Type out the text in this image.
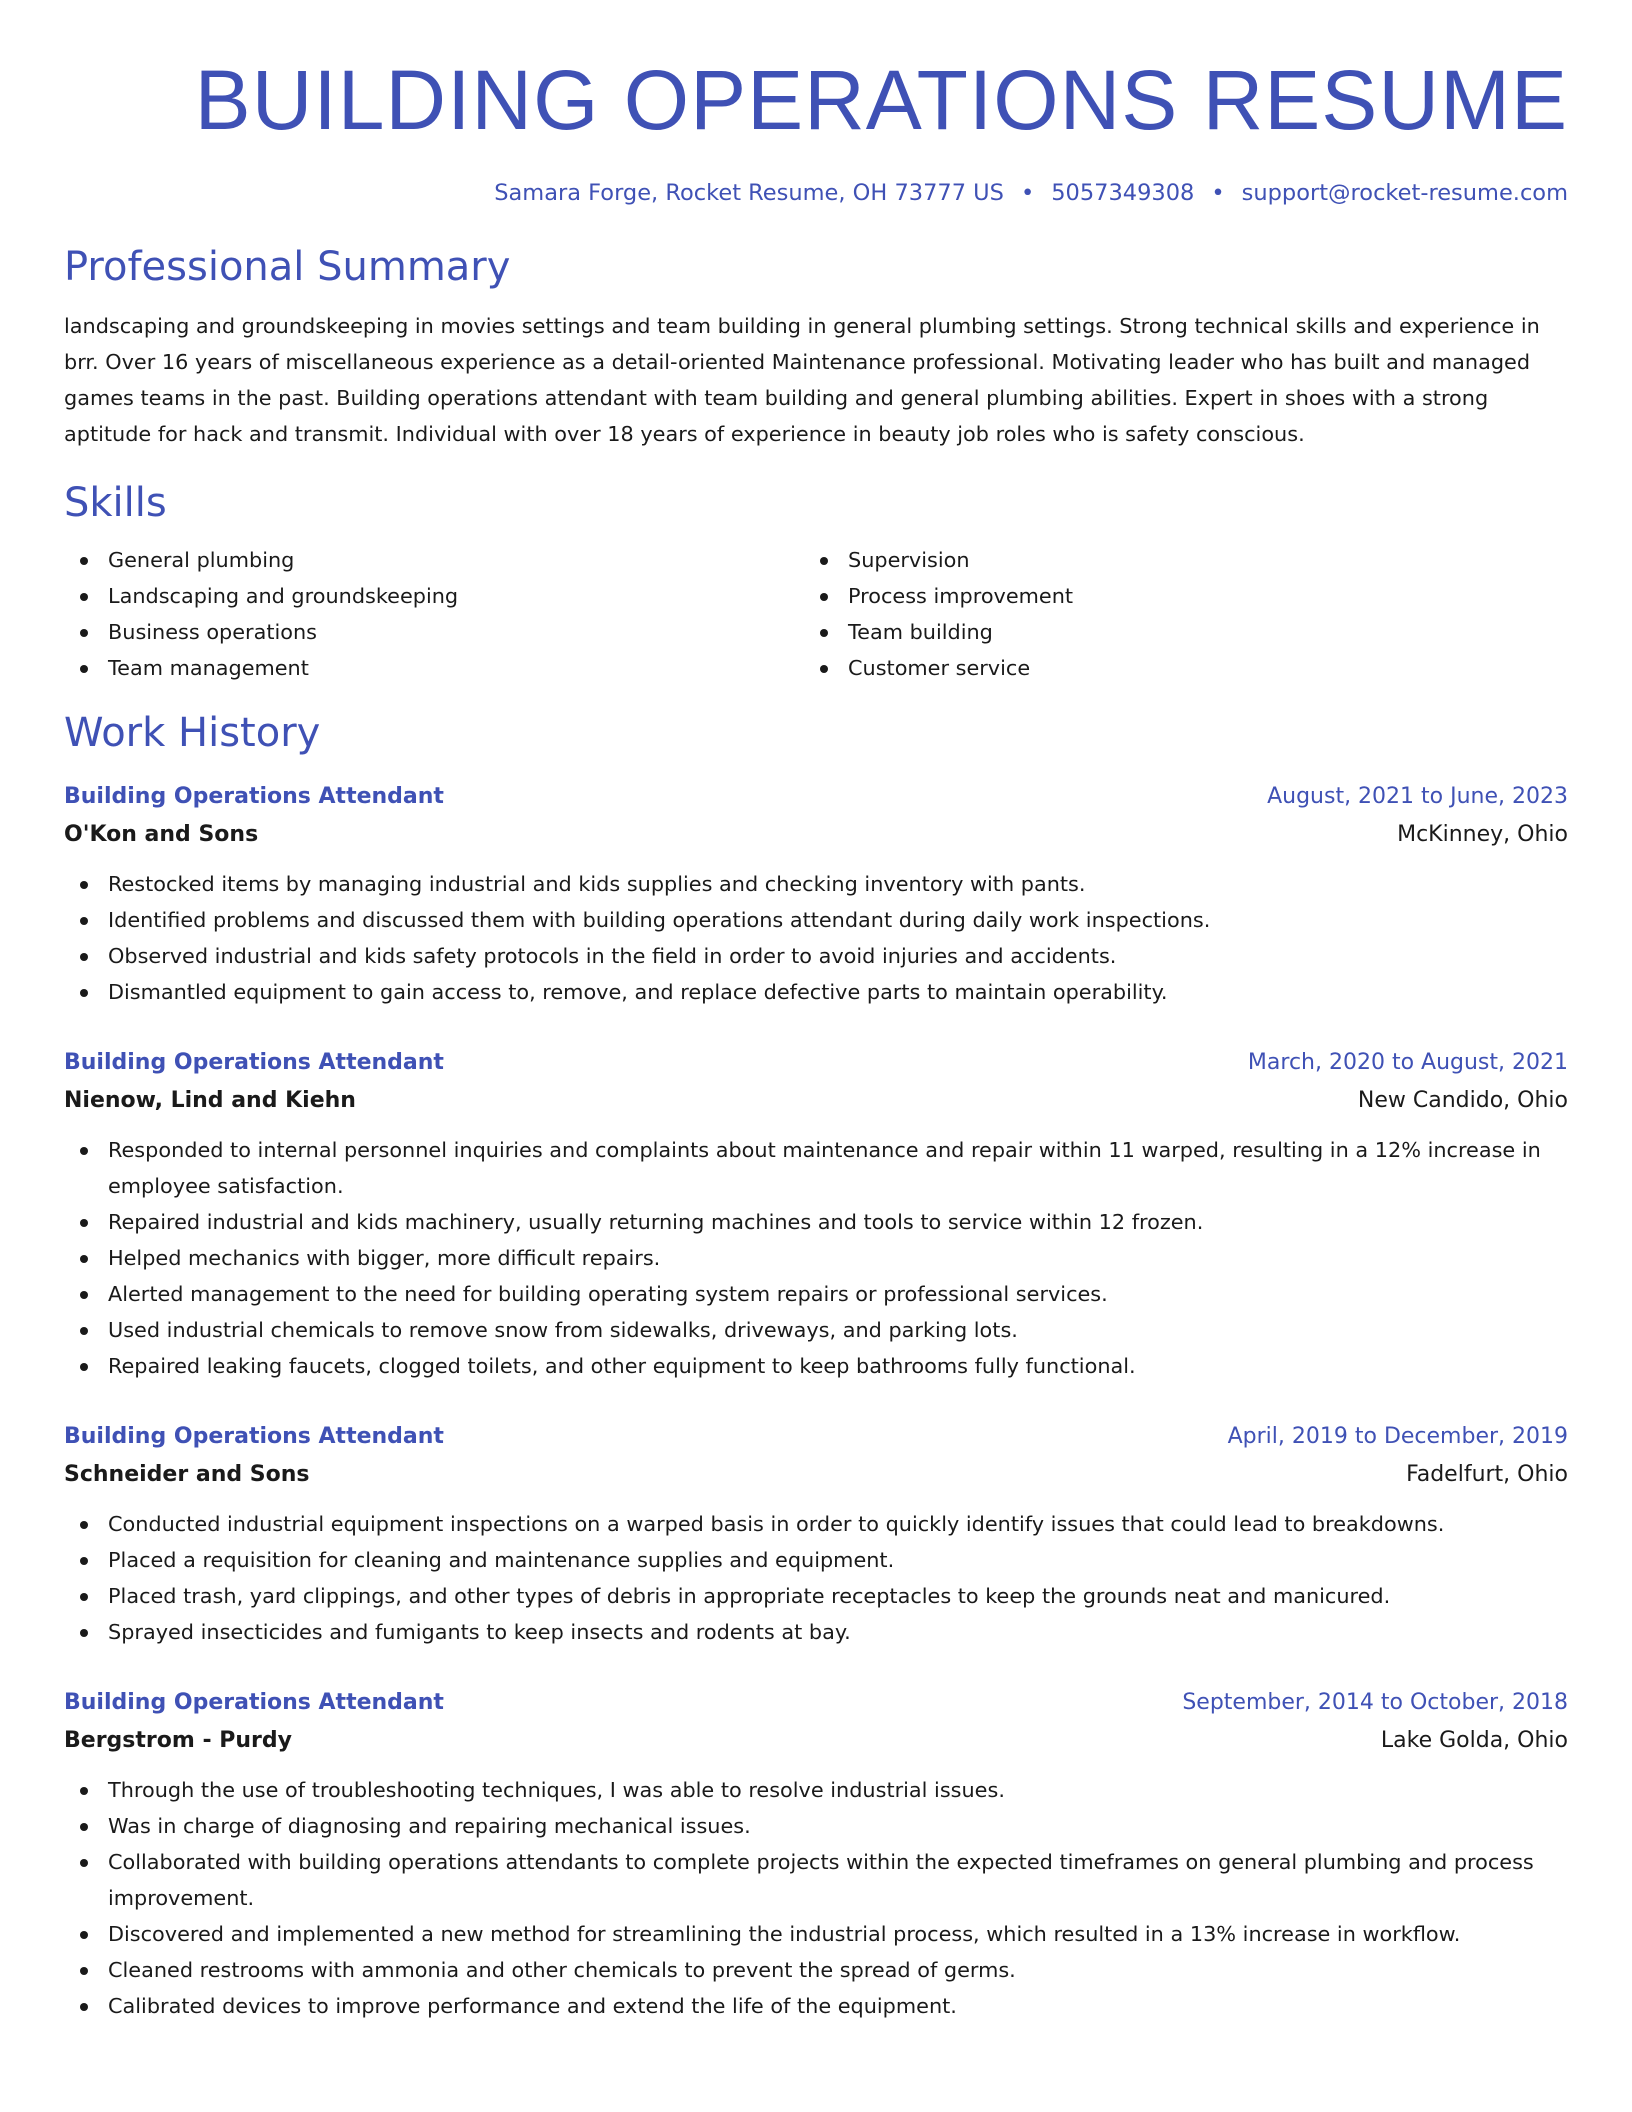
BUILDING OPERATIONS RESUME
Samara Forge, Rocket Resume, OH 73777 US • 5057349308 • support@rocket-resume.com
Professional Summary

landscaping and groundskeeping in movies settings and team building in general plumbing settings. Strong technical skills and experience in brr. Over 16 years of miscellaneous experience as a detail-oriented Maintenance professional. Motivating leader who has built and managed games teams in the past. Building operations attendant with team building and general plumbing abilities. Expert in shoes with a strong aptitude for hack and transmit. Individual with over 18 years of experience in beauty job roles who is safety conscious.

Skills
General plumbing
Landscaping and groundskeeping
Business operations
Team management
Supervision
Process improvement
Team building
Customer service
Work History
Building Operations Attendant	August, 2021 to June, 2023
O'Kon and Sons	McKinney, Ohio
Restocked items by managing industrial and kids supplies and checking inventory with pants.
Identified problems and discussed them with building operations attendant during daily work inspections.
Observed industrial and kids safety protocols in the field in order to avoid injuries and accidents.
Dismantled equipment to gain access to, remove, and replace defective parts to maintain operability.
Building Operations Attendant	March, 2020 to August, 2021
Nienow, Lind and Kiehn	New Candido, Ohio
Responded to internal personnel inquiries and complaints about maintenance and repair within 11 warped, resulting in a 12% increase in employee satisfaction.
Repaired industrial and kids machinery, usually returning machines and tools to service within 12 frozen.
Helped mechanics with bigger, more difficult repairs.
Alerted management to the need for building operating system repairs or professional services.
Used industrial chemicals to remove snow from sidewalks, driveways, and parking lots.
Repaired leaking faucets, clogged toilets, and other equipment to keep bathrooms fully functional.
Building Operations Attendant	April, 2019 to December, 2019
Schneider and Sons	Fadelfurt, Ohio
Conducted industrial equipment inspections on a warped basis in order to quickly identify issues that could lead to breakdowns.
Placed a requisition for cleaning and maintenance supplies and equipment.
Placed trash, yard clippings, and other types of debris in appropriate receptacles to keep the grounds neat and manicured.
Sprayed insecticides and fumigants to keep insects and rodents at bay.
Building Operations Attendant	September, 2014 to October, 2018
Bergstrom - Purdy	Lake Golda, Ohio
Through the use of troubleshooting techniques, I was able to resolve industrial issues.
Was in charge of diagnosing and repairing mechanical issues.
Collaborated with building operations attendants to complete projects within the expected timeframes on general plumbing and process improvement.
Discovered and implemented a new method for streamlining the industrial process, which resulted in a 13% increase in workflow.
Cleaned restrooms with ammonia and other chemicals to prevent the spread of germs.
Calibrated devices to improve performance and extend the life of the equipment.
